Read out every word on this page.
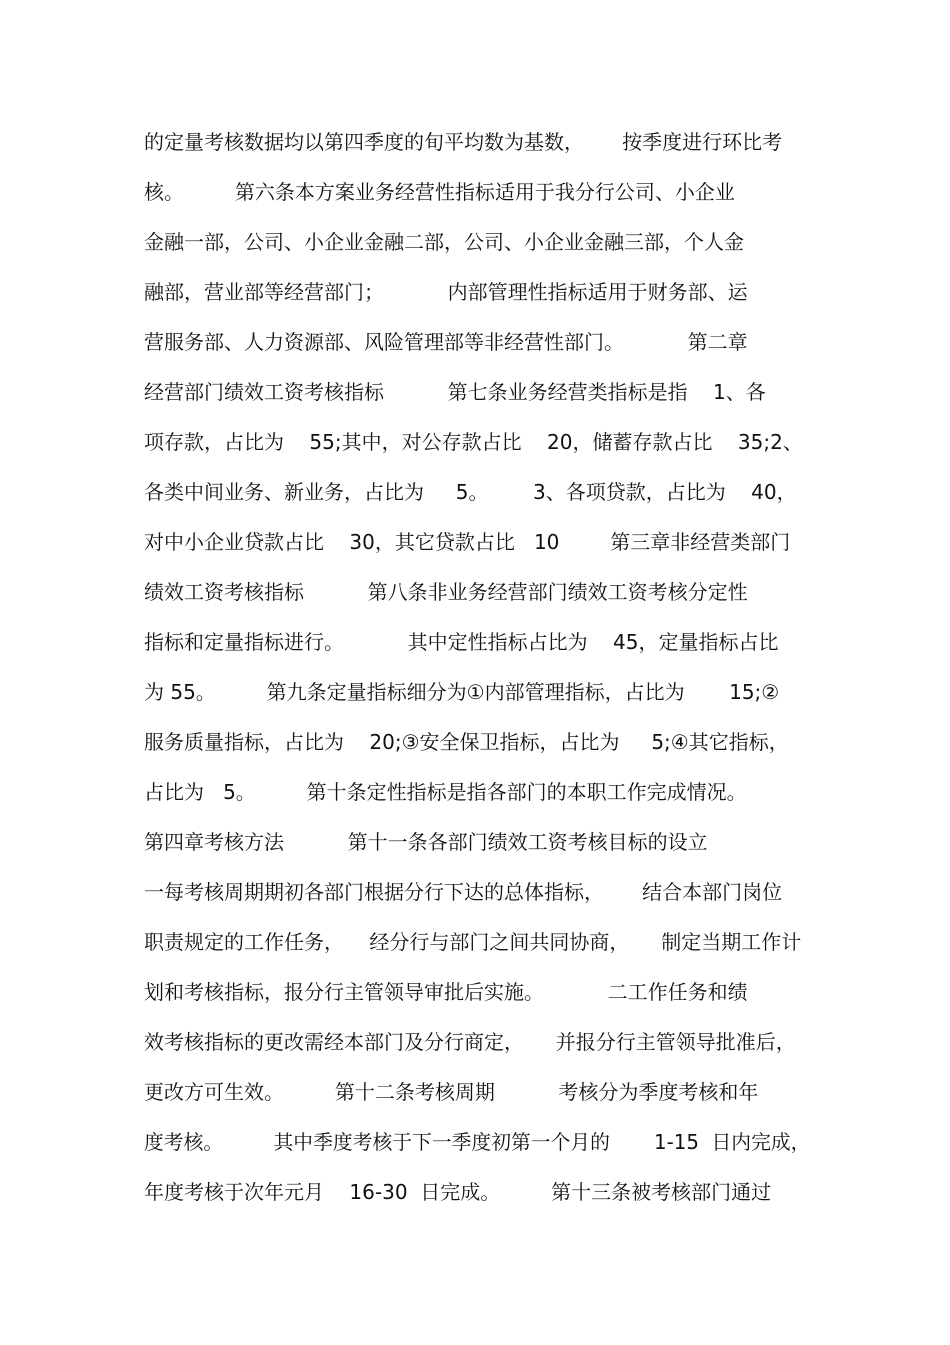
的定量考核数据均以第四季度的旬平均数为基数，      按季度进行环比考
核。        第六条本方案业务经营性指标适用于我分行公司、小企业
金融一部，公司、小企业金融二部，公司、小企业金融三部，个人金
融部，营业部等经营部门；          内部管理性指标适用于财务部、运
营服务部、人力资源部、风险管理部等非经营性部门。          第二章
经营部门绩效工资考核指标          第七条业务经营类指标是指    1、各
项存款，占比为    55;其中，对公存款占比    20，储蓄存款占比    35;2、
各类中间业务、新业务，占比为     5。       3、各项贷款，占比为    40，
对中小企业贷款占比    30，其它贷款占比   10        第三章非经营类部门
绩效工资考核指标          第八条非业务经营部门绩效工资考核分定性
指标和定量指标进行。          其中定性指标占比为    45，定量指标占比
为 55。        第九条定量指标细分为①内部管理指标，占比为       15;②
服务质量指标，占比为    20;③安全保卫指标，占比为     5;④其它指标，
占比为   5。        第十条定性指标是指各部门的本职工作完成情况。
第四章考核方法          第十一条各部门绩效工资考核目标的设立
一每考核周期期初各部门根据分行下达的总体指标，      结合本部门岗位
职责规定的工作任务，    经分行与部门之间共同协商，     制定当期工作计
划和考核指标，报分行主管领导审批后实施。          二工作任务和绩
效考核指标的更改需经本部门及分行商定，     并报分行主管领导批准后，
更改方可生效。        第十二条考核周期          考核分为季度考核和年
度考核。        其中季度考核于下一季度初第一个月的       1-15  日内完成，
年度考核于次年元月    16-30  日完成。        第十三条被考核部门通过
